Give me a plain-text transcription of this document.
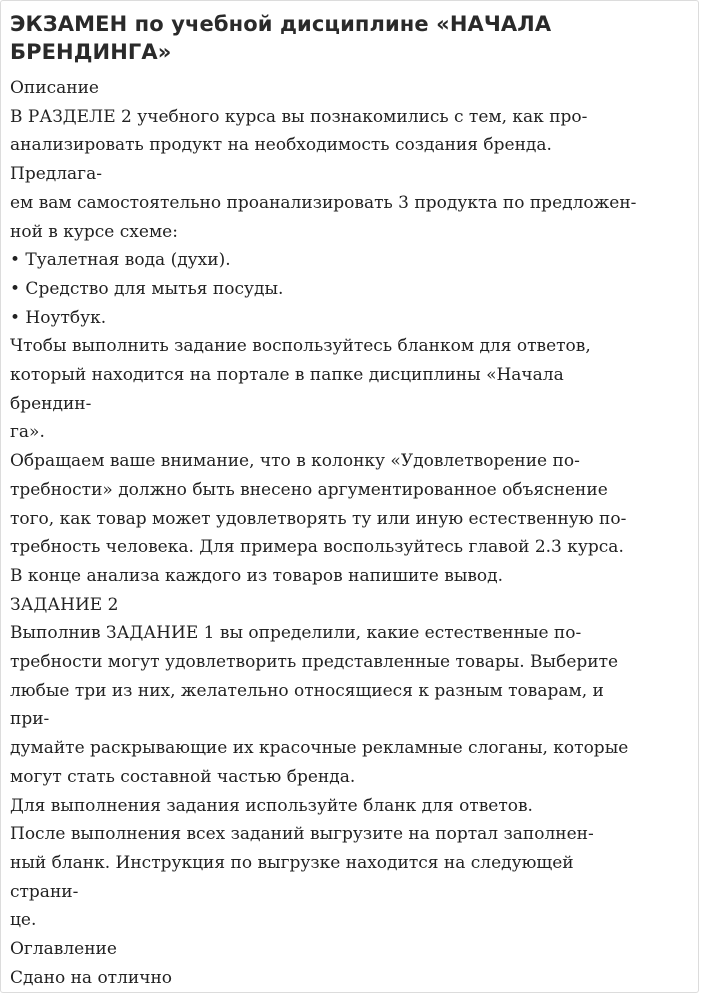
ЭКЗАМЕН по учебной дисциплине «НАЧАЛА
БРЕНДИНГА»
Описание
В РАЗДЕЛЕ 2 учебного курса вы познакомились с тем, как про-
анализировать продукт на необходимость создания бренда.
Предлага-
ем вам самостоятельно проанализировать 3 продукта по предложен-
ной в курсе схеме:
• Туалетная вода (духи).
• Средство для мытья посуды.
• Ноутбук.
Чтобы выполнить задание воспользуйтесь бланком для ответов,
который находится на портале в папке дисциплины «Начала
брендин-
га».
Обращаем ваше внимание, что в колонку «Удовлетворение по-
требности» должно быть внесено аргументированное объяснение
того, как товар может удовлетворять ту или иную естественную по-
требность человека. Для примера воспользуйтесь главой 2.3 курса.
В конце анализа каждого из товаров напишите вывод.
ЗАДАНИЕ 2
Выполнив ЗАДАНИЕ 1 вы определили, какие естественные по-
требности могут удовлетворить представленные товары. Выберите
любые три из них, желательно относящиеся к разным товарам, и
при-
думайте раскрывающие их красочные рекламные слоганы, которые
могут стать составной частью бренда.
Для выполнения задания используйте бланк для ответов.
После выполнения всех заданий выгрузите на портал заполнен-
ный бланк. Инструкция по выгрузке находится на следующей
страни-
це.
Оглавление
Сдано на отлично
